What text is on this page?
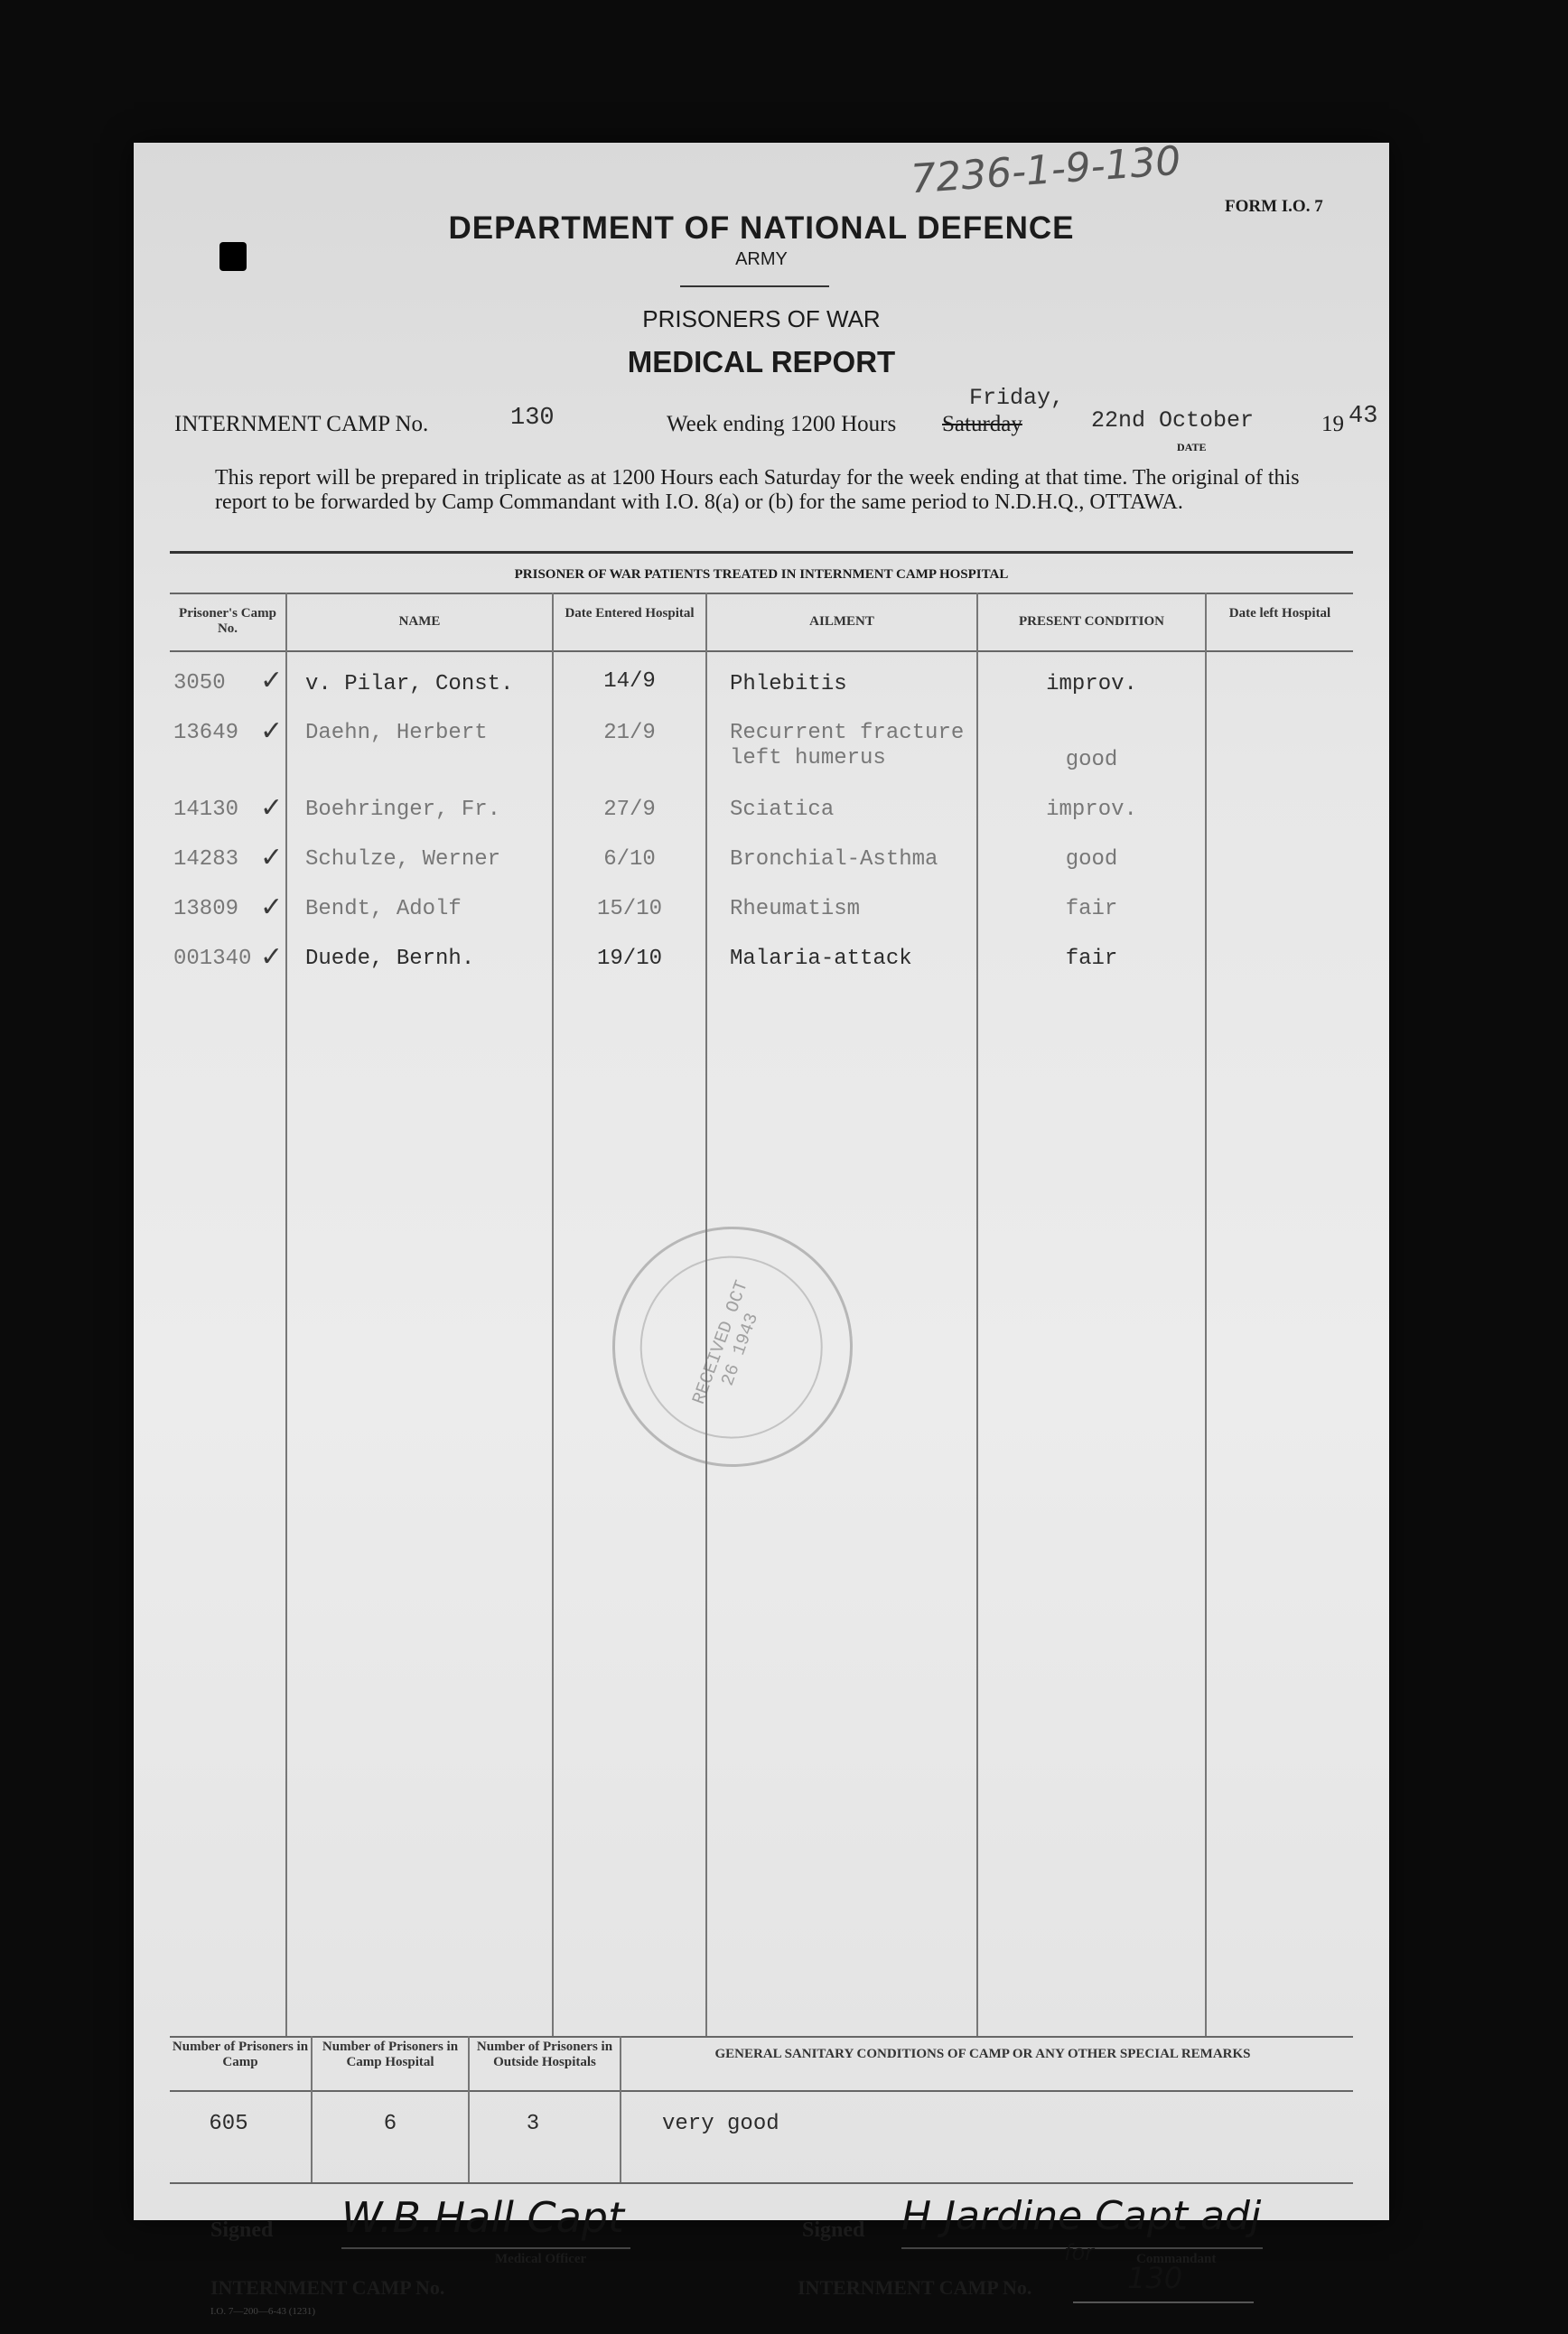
7236-1-9-130
FORM I.O. 7
DEPARTMENT OF NATIONAL DEFENCE
ARMY
PRISONERS OF WAR
MEDICAL REPORT
INTERNMENT CAMP No.	130	Week ending 1200 Hours Saturday
Friday,
22nd October
DATE
19 43
This report will be prepared in triplicate as at 1200 Hours each Saturday for the week ending at that time. The original of this report to be forwarded by Camp Commandant with I.O. 8(a) or (b) for the same period to N.D.H.Q., OTTAWA.
PRISONER OF WAR PATIENTS TREATED IN INTERNMENT CAMP HOSPITAL
Prisoner's Camp No.	NAME
Date Entered Hospital
AILMENT	PRESENT CONDITION
Date left Hospital
3050 ✓ v. Pilar, Const.	14/9	Phlebitis	improv.
13649 ✓ Daehn, Herbert	21/9	Recurrent fracture left humerus	good
14130 ✓ Boehringer, Fr.	27/9	Sciatica	improv.
14283 ✓ Schulze, Werner	6/10	Bronchial-Asthma	good
13809 ✓ Bendt, Adolf	15/10	Rheumatism	fair
001340 ✓ Duede, Bernh.	19/10	Malaria-attack	fair
RECEIVED OCT 26 1943
Number of Prisoners in Camp
Number of Prisoners in Camp Hospital
Number of Prisoners in Outside Hospitals
GENERAL SANITARY CONDITIONS OF CAMP OR ANY OTHER SPECIAL REMARKS
605	6	3	very good
Signed W.B.Hall Capt
Medical Officer
Signed H Jardine Capt adj
for	Commandant
INTERNMENT CAMP No.	INTERNMENT CAMP No.	130
I.O. 7—200—6-43 (1231)
